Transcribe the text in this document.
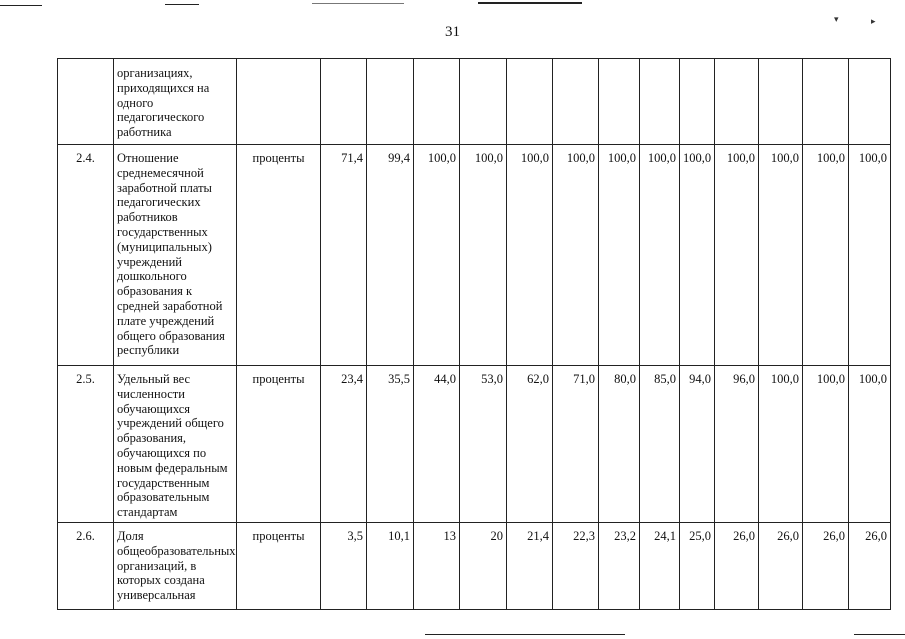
▾	▸
31
	организациях, приходящихся на одного педагогического работника														
2.4.	Отношение среднемесячной заработной платы педагогических работников государственных (муниципальных) учреждений дошкольного образования к средней заработной плате учреждений общего образования республики	проценты	71,4	99,4	100,0	100,0	100,0	100,0	100,0	100,0	100,0	100,0	100,0	100,0	100,0
2.5.	Удельный вес численности обучающихся учреждений общего образования, обучающихся по новым федеральным государственным образовательным стандартам	проценты	23,4	35,5	44,0	53,0	62,0	71,0	80,0	85,0	94,0	96,0	100,0	100,0	100,0
2.6.	Доля общеобразовательных организаций, в которых создана универсальная	проценты	3,5	10,1	13	20	21,4	22,3	23,2	24,1	25,0	26,0	26,0	26,0	26,0
